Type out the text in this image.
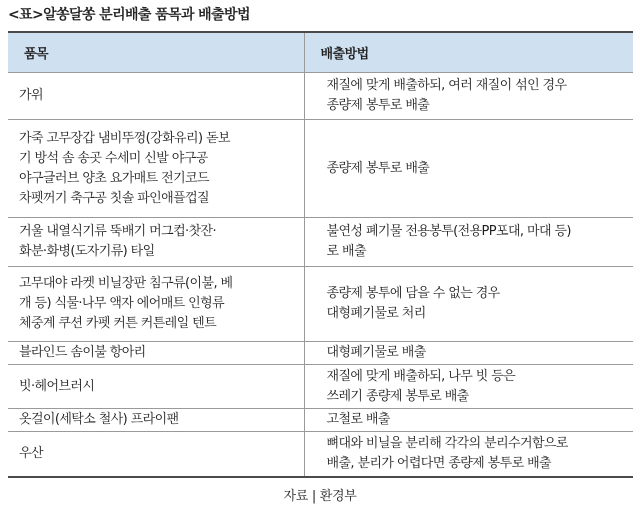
<표>알쏭달쏭 분리배출 품목과 배출방법
품목	배출방법
가위	재질에 맞게 배출하되, 여러 재질이 섞인 경우
종량제 봉투로 배출
가죽 고무장갑 냄비뚜껑(강화유리) 돋보
기 방석 솜 송곳 수세미 신발 야구공
야구글러브 양초 요가매트 전기코드
차펫꺼기 축구공 칫솔 파인애플껍질	종량제 봉투로 배출
거울 내열식기류 뚝배기 머그컵·찻잔·
화분·화병(도자기류) 타일	불연성 폐기물 전용봉투(전용PP포대, 마대 등)
로 배출
고무대야 라켓 비닐장판 침구류(이불, 베
개 등) 식물·나무 액자 에어매트 인형류
체중계 쿠션 카펫 커튼 커튼레일 텐트	종량제 봉투에 담을 수 없는 경우
대형폐기물로 처리
블라인드 솜이불 항아리	대형폐기물로 배출
빗·헤어브러시	재질에 맞게 배출하되, 나무 빗 등은
쓰레기 종량제 봉투로 배출
옷걸이(세탁소 철사) 프라이팬	고철로 배출
우산	뼈대와 비닐을 분리해 각각의 분리수거함으로
배출, 분리가 어렵다면 종량제 봉투로 배출
자료 | 환경부
